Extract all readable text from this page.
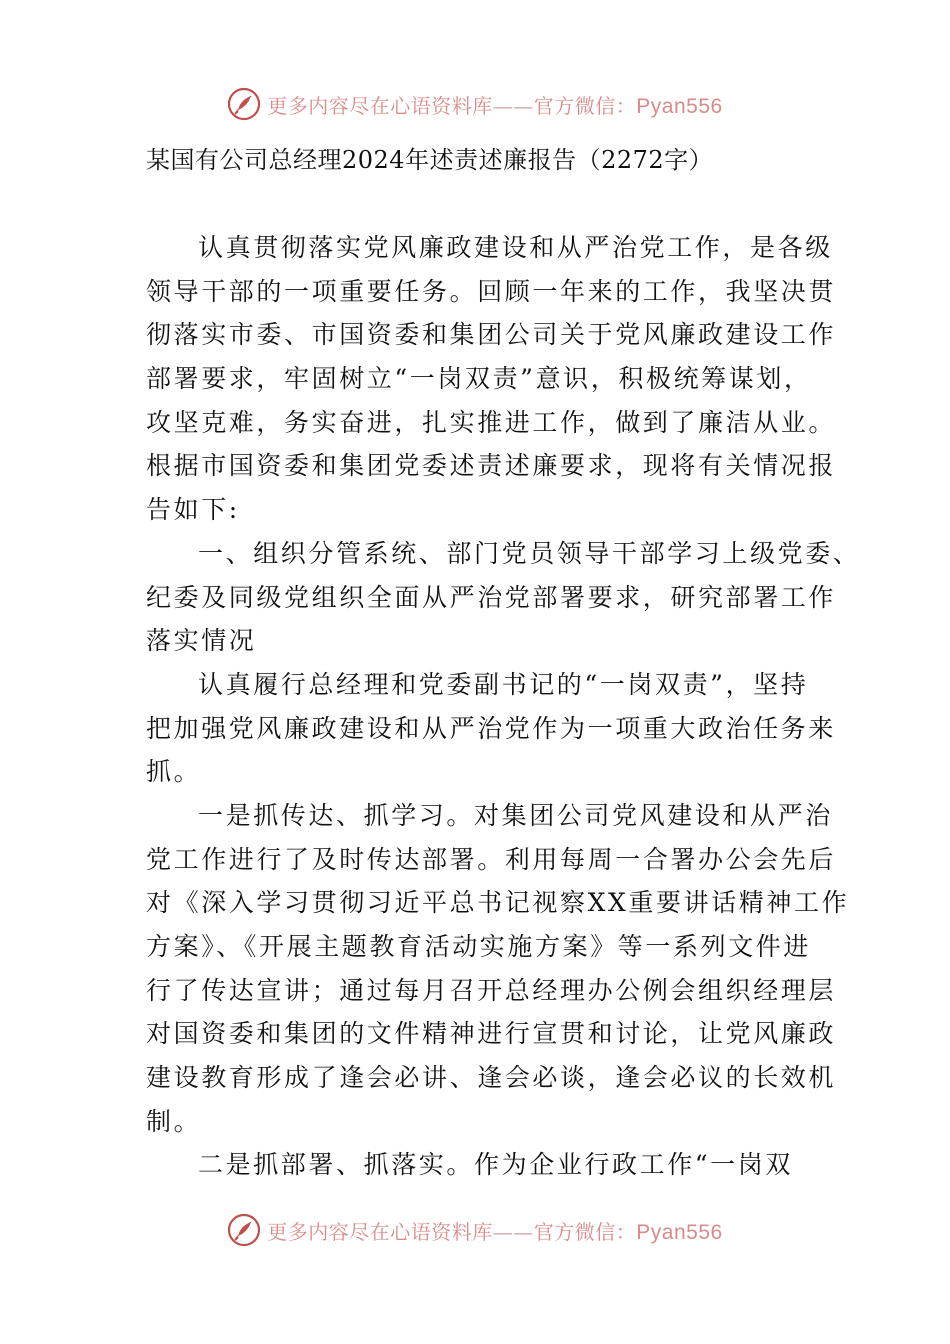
更多内容尽在心语资料库——官方微信：Pyan556
某国有公司总经理2024年述责述廉报告（2272字）
认真贯彻落实党风廉政建设和从严治党工作，是各级
领导干部的一项重要任务。回顾一年来的工作，我坚决贯
彻落实市委、市国资委和集团公司关于党风廉政建设工作
部署要求，牢固树立“一岗双责”意识，积极统筹谋划，
攻坚克难，务实奋进，扎实推进工作，做到了廉洁从业。
根据市国资委和集团党委述责述廉要求，现将有关情况报
告如下:
一、组织分管系统、部门党员领导干部学习上级党委、
纪委及同级党组织全面从严治党部署要求，研究部署工作
落实情况
认真履行总经理和党委副书记的“一岗双责”，坚持
把加强党风廉政建设和从严治党作为一项重大政治任务来
抓。
一是抓传达、抓学习。对集团公司党风建设和从严治
党工作进行了及时传达部署。利用每周一合署办公会先后
对《深入学习贯彻习近平总书记视察XX重要讲话精神工作
方案》、《开展主题教育活动实施方案》等一系列文件进
行了传达宣讲；通过每月召开总经理办公例会组织经理层
对国资委和集团的文件精神进行宣贯和讨论，让党风廉政
建设教育形成了逢会必讲、逢会必谈，逢会必议的长效机
制。
二是抓部署、抓落实。作为企业行政工作“一岗双
更多内容尽在心语资料库——官方微信：Pyan556
